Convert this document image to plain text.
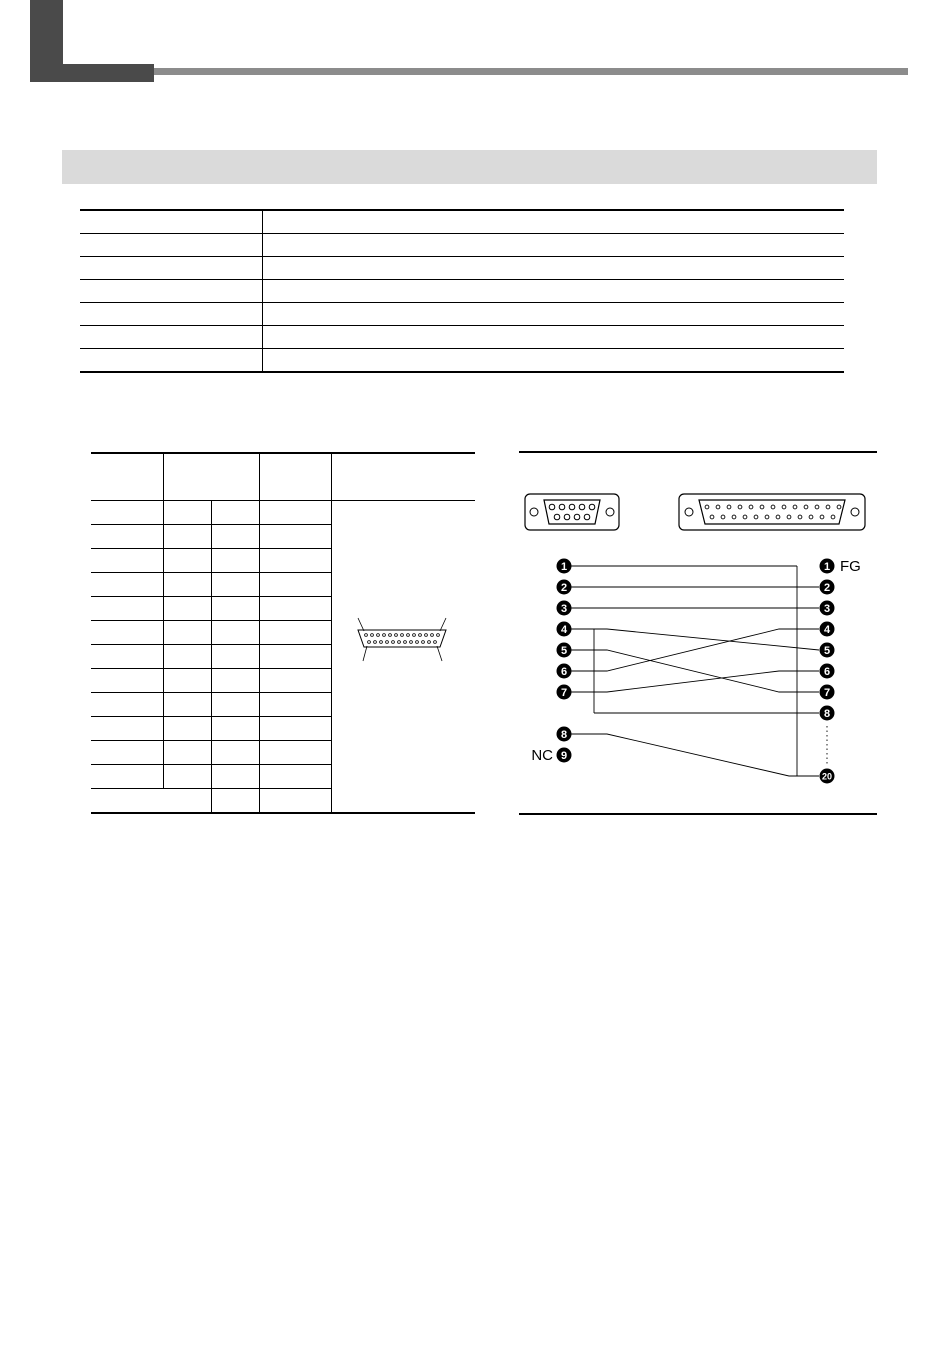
1
2
3
4
5
6
7
8
9
1
2
3
4
5
6
7
8
20
FG
NC
